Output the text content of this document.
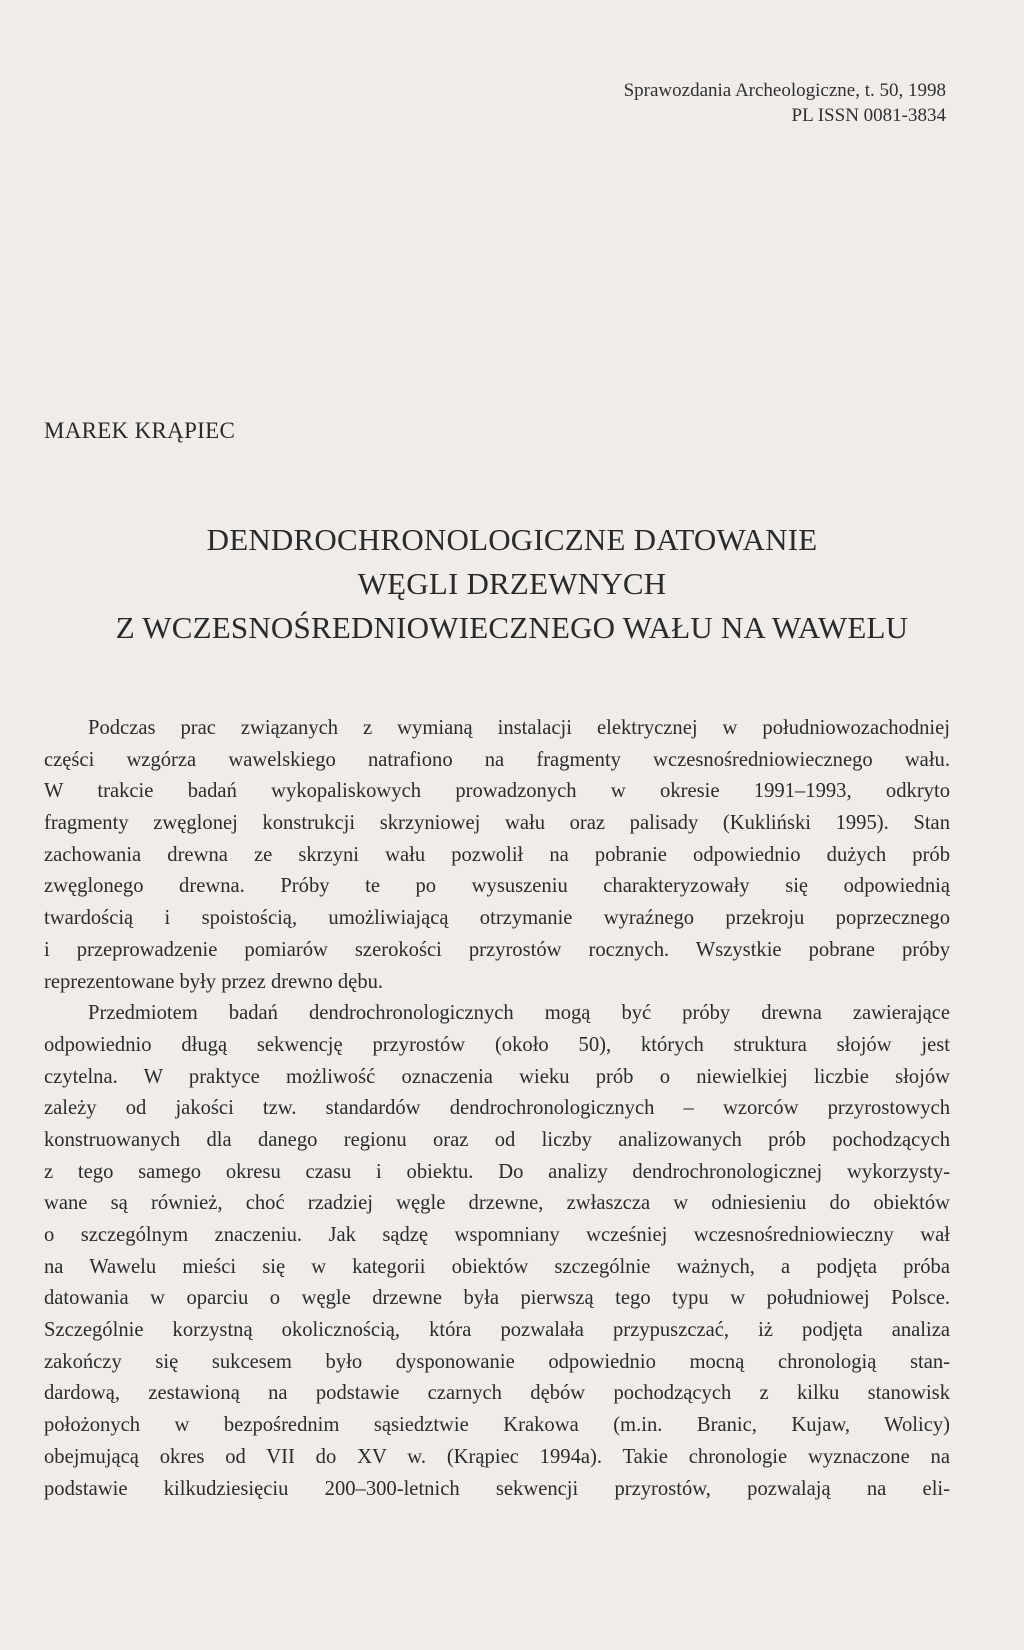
Sprawozdania Archeologiczne, t. 50, 1998
PL ISSN 0081-3834
MAREK KRĄPIEC
DENDROCHRONOLOGICZNE DATOWANIE
WĘGLI DRZEWNYCH
Z WCZESNOŚREDNIOWIECZNEGO WAŁU NA WAWELU

Podczas prac związanych z wymianą instalacji elektrycznej w południowozachodniej
części wzgórza wawelskiego natrafiono na fragmenty wczesnośredniowiecznego wału.
W trakcie badań wykopaliskowych prowadzonych w okresie 1991–1993, odkryto
fragmenty zwęglonej konstrukcji skrzyniowej wału oraz palisady (Kukliński 1995). Stan
zachowania drewna ze skrzyni wału pozwolił na pobranie odpowiednio dużych prób
zwęglonego drewna. Próby te po wysuszeniu charakteryzowały się odpowiednią
twardością i spoistością, umożliwiającą otrzymanie wyraźnego przekroju poprzecznego
i przeprowadzenie pomiarów szerokości przyrostów rocznych. Wszystkie pobrane próby
reprezentowane były przez drewno dębu.

Przedmiotem badań dendrochronologicznych mogą być próby drewna zawierające
odpowiednio długą sekwencję przyrostów (około 50), których struktura słojów jest
czytelna. W praktyce możliwość oznaczenia wieku prób o niewielkiej liczbie słojów
zależy od jakości tzw. standardów dendrochronologicznych – wzorców przyrostowych
konstruowanych dla danego regionu oraz od liczby analizowanych prób pochodzących
z tego samego okresu czasu i obiektu. Do analizy dendrochronologicznej wykorzysty-
wane są również, choć rzadziej węgle drzewne, zwłaszcza w odniesieniu do obiektów
o szczególnym znaczeniu. Jak sądzę wspomniany wcześniej wczesnośredniowieczny wał
na Wawelu mieści się w kategorii obiektów szczególnie ważnych, a podjęta próba
datowania w oparciu o węgle drzewne była pierwszą tego typu w południowej Polsce.
Szczególnie korzystną okolicznością, która pozwalała przypuszczać, iż podjęta analiza
zakończy się sukcesem było dysponowanie odpowiednio mocną chronologią stan-
dardową, zestawioną na podstawie czarnych dębów pochodzących z kilku stanowisk
położonych w bezpośrednim sąsiedztwie Krakowa (m.in. Branic, Kujaw, Wolicy)
obejmującą okres od VII do XV w. (Krąpiec 1994a). Takie chronologie wyznaczone na
podstawie kilkudziesięciu 200–300-letnich sekwencji przyrostów, pozwalają na eli-
